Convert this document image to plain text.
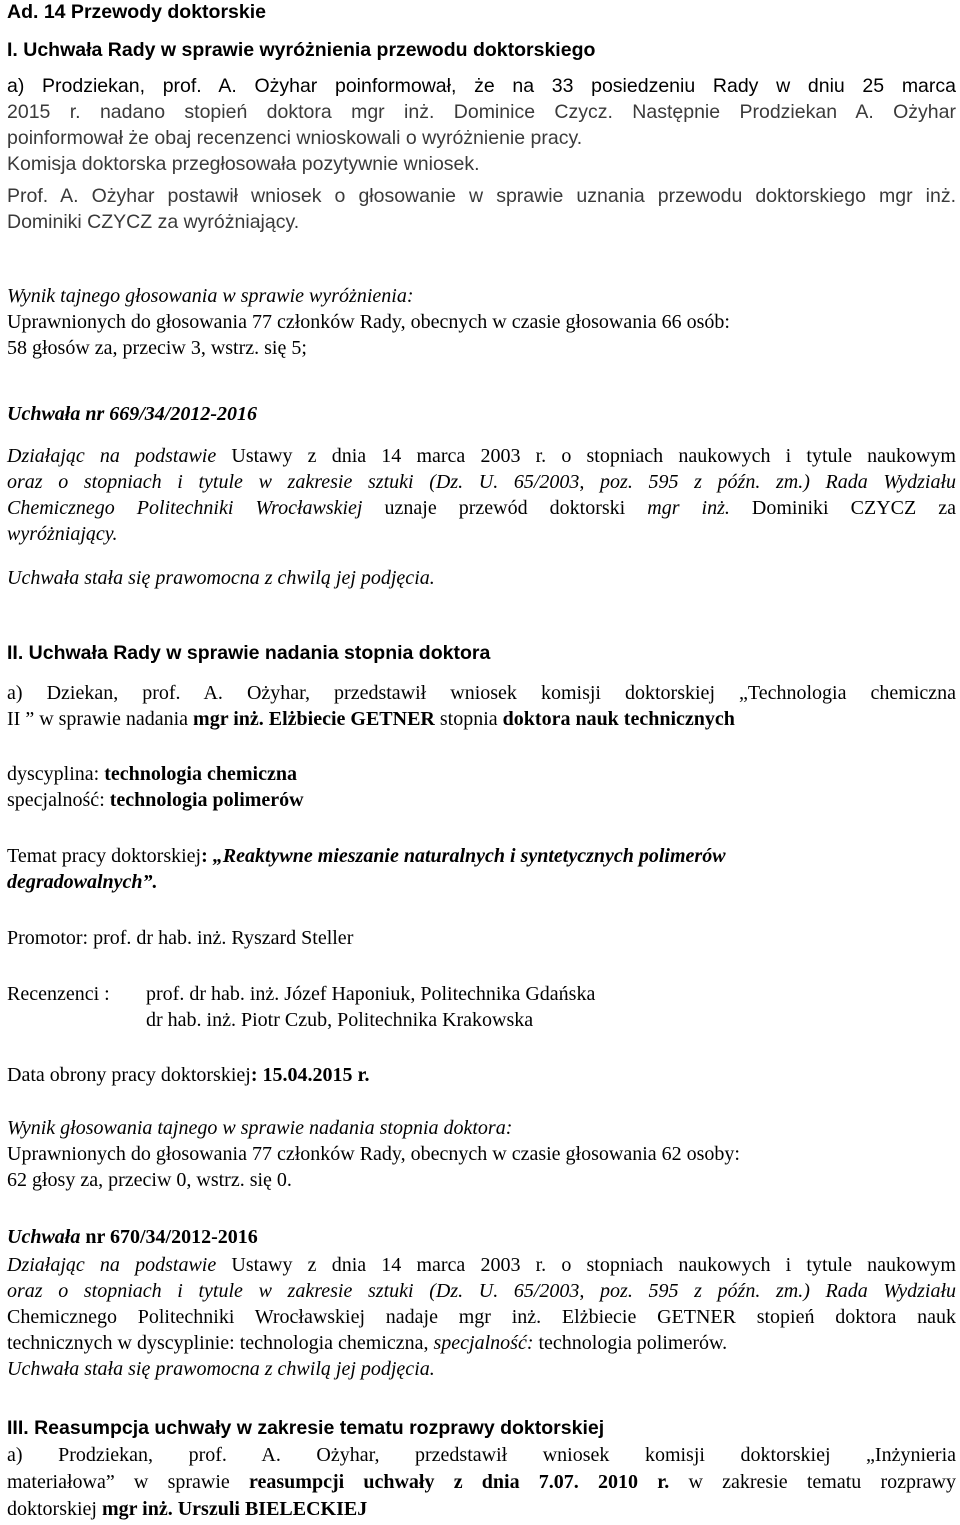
Ad. 14 Przewody doktorskie
I. Uchwała Rady w sprawie wyróżnienia przewodu doktorskiego
a) Prodziekan, prof. A. Ożyhar poinformował, że na 33 posiedzeniu Rady w dniu 25 marca
2015 r. nadano stopień doktora mgr inż. Dominice Czycz. Następnie Prodziekan A. Ożyhar
poinformował że obaj recenzenci wnioskowali o wyróżnienie pracy.
Komisja doktorska przegłosowała pozytywnie wniosek.
Prof. A. Ożyhar postawił wniosek o głosowanie w sprawie uznania przewodu doktorskiego mgr inż.
Dominiki CZYCZ za wyróżniający.
Wynik tajnego głosowania w sprawie wyróżnienia:
Uprawnionych do głosowania 77 członków Rady, obecnych w czasie głosowania 66 osób:
58 głosów za, przeciw 3, wstrz. się 5;
Uchwała nr 669/34/2012-2016
Działając na podstawie Ustawy z dnia 14 marca 2003 r. o stopniach naukowych i tytule naukowym
oraz o stopniach i tytule w zakresie sztuki (Dz. U. 65/2003, poz. 595 z późn. zm.) Rada Wydziału
Chemicznego Politechniki Wrocławskiej uznaje przewód doktorski mgr inż. Dominiki CZYCZ za
wyróżniający.
Uchwała stała się prawomocna z chwilą jej podjęcia.
II. Uchwała Rady w sprawie nadania stopnia doktora
a) Dziekan, prof. A. Ożyhar, przedstawił wniosek komisji doktorskiej „Technologia chemiczna
II ” w sprawie nadania mgr inż. Elżbiecie GETNER stopnia doktora nauk technicznych
dyscyplina: technologia chemiczna
specjalność: technologia polimerów
Temat pracy doktorskiej: „Reaktywne mieszanie naturalnych i syntetycznych polimerów
degradowalnych”.
Promotor: prof. dr hab. inż. Ryszard Steller
Recenzenci :prof. dr hab. inż. Józef Haponiuk, Politechnika Gdańska
dr hab. inż. Piotr Czub, Politechnika Krakowska
Data obrony pracy doktorskiej: 15.04.2015 r.
Wynik głosowania tajnego w sprawie nadania stopnia doktora:
Uprawnionych do głosowania 77 członków Rady, obecnych w czasie głosowania 62 osoby:
62 głosy za, przeciw 0, wstrz. się 0.
Uchwała nr 670/34/2012-2016
Działając na podstawie Ustawy z dnia 14 marca 2003 r. o stopniach naukowych i tytule naukowym
oraz o stopniach i tytule w zakresie sztuki (Dz. U. 65/2003, poz. 595 z późn. zm.) Rada Wydziału
Chemicznego Politechniki Wrocławskiej nadaje mgr inż. Elżbiecie GETNER stopień doktora nauk
technicznych w dyscyplinie: technologia chemiczna, specjalność: technologia polimerów.
Uchwała stała się prawomocna z chwilą jej podjęcia.
III. Reasumpcja uchwały w zakresie tematu rozprawy doktorskiej
a) Prodziekan, prof. A. Ożyhar, przedstawił wniosek komisji doktorskiej „Inżynieria
materiałowa” w sprawie reasumpcji uchwały z dnia 7.07. 2010 r. w zakresie tematu rozprawy
doktorskiej mgr inż. Urszuli BIELECKIEJ
